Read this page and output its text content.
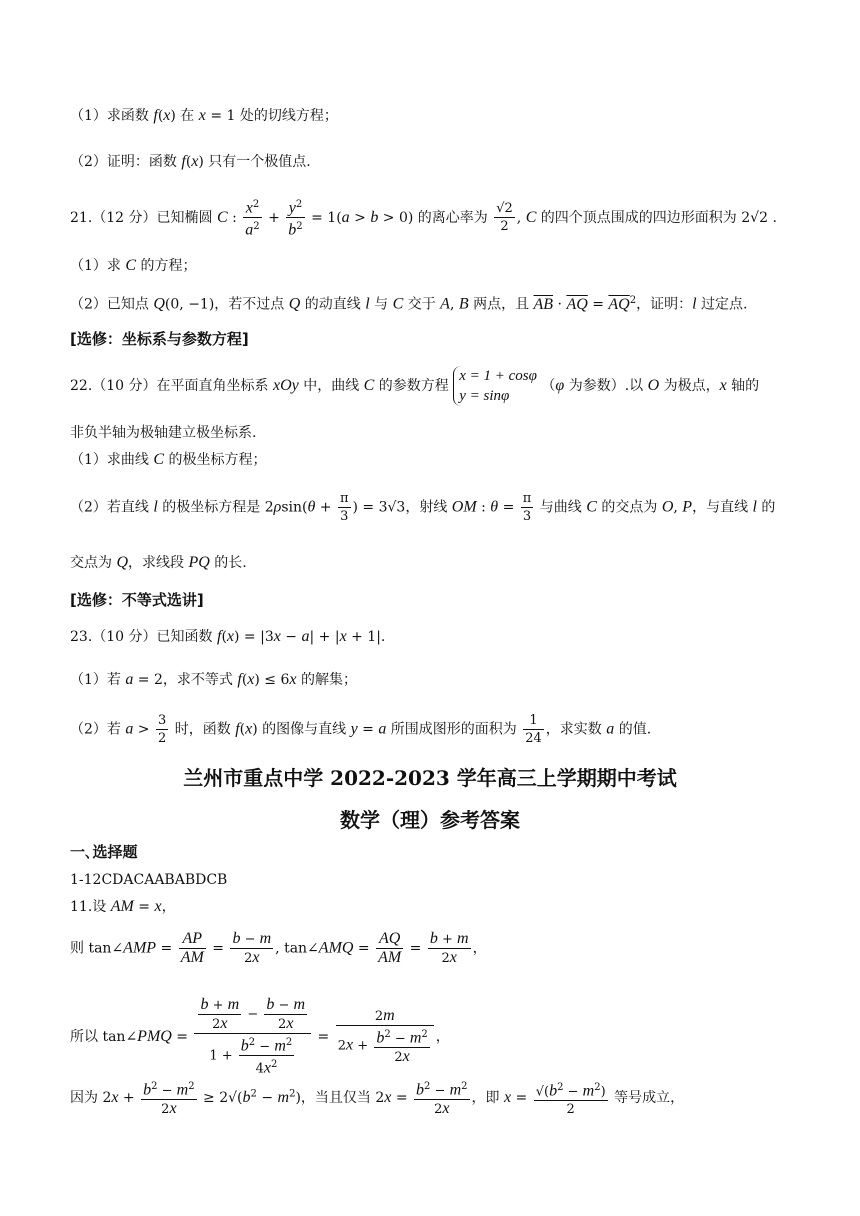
（1）求函数 f(x) 在 x = 1 处的切线方程；
（2）证明：函数 f(x) 只有一个极值点.
21.（12 分）已知椭圆 C : $\frac{x^2}{a^2} + \frac{y^2}{b^2} = 1(a > b > 0)$ 的离心率为 $\frac{√2}{2}$ , C 的四个顶点围成的四边形面积为 2√2 .
（1）求 C 的方程；
（2）已知点 Q(0, −1)，若不过点 Q 的动直线 l 与 C 交于 A, B 两点，且 $\overline{AB} \cdot \overline{AQ} = \overline{AQ}^2$，证明：l 过定点.
[选修：坐标系与参数方程]
22.（10 分）在平面直角坐标系 xOy 中，曲线 C 的参数方程
x = 1 + cosφ
y = sinφ
（φ 为参数）.以 O 为极点，x 轴的
非负半轴为极轴建立极坐标系.
（1）求曲线 C 的极坐标方程；
（2）若直线 l 的极坐标方程是 $2\rho\sin(\theta + \frac{\pi}{3}$ ) = 3√3，射线 OM : $\theta = \frac{\pi}{3}$ 与曲线 C 的交点为 O, P，与直线 l 的
交点为 Q，求线段 PQ 的长.
[选修：不等式选讲]
23.（10 分）已知函数 f(x) = |3x − a| + |x + 1|.
（1）若 a = 2，求不等式 f(x) ≤ 6x 的解集；
（2）若 $a > \frac{3}{2}$ 时，函数 f(x) 的图像与直线 y = a 所围成图形的面积为 $\frac{1}{24}$ ，求实数 a 的值.
兰州市重点中学 2022-2023 学年高三上学期期中考试
数学（理）参考答案
一､选择题
1-12CDACAABABDCB
11.设 AM = x，
则 tan∠AMP = $\frac{AP}{AM} = \frac{b - m}{2x}$ , tan∠AMQ = $\frac{AQ}{AM} = \frac{b + m}{2x}$ ，
所以 tan∠PMQ = $\frac{\frac{b + m}{2x} - \frac{b - m}{2x}}{1 + \frac{b^2 - m^2}{4x^2}} = \frac{2m}{2x + \frac{b^2 - m^2}{2x}}$ ，
因为 $2x + \frac{b^2 - m^2}{2x} \ge 2√(b^2 - m^2)$，当且仅当 $2x = \frac{b^2 - m^2}{2x}$ ，即 $x = \frac{√(b^2 - m^2)}{2}$ 等号成立，
